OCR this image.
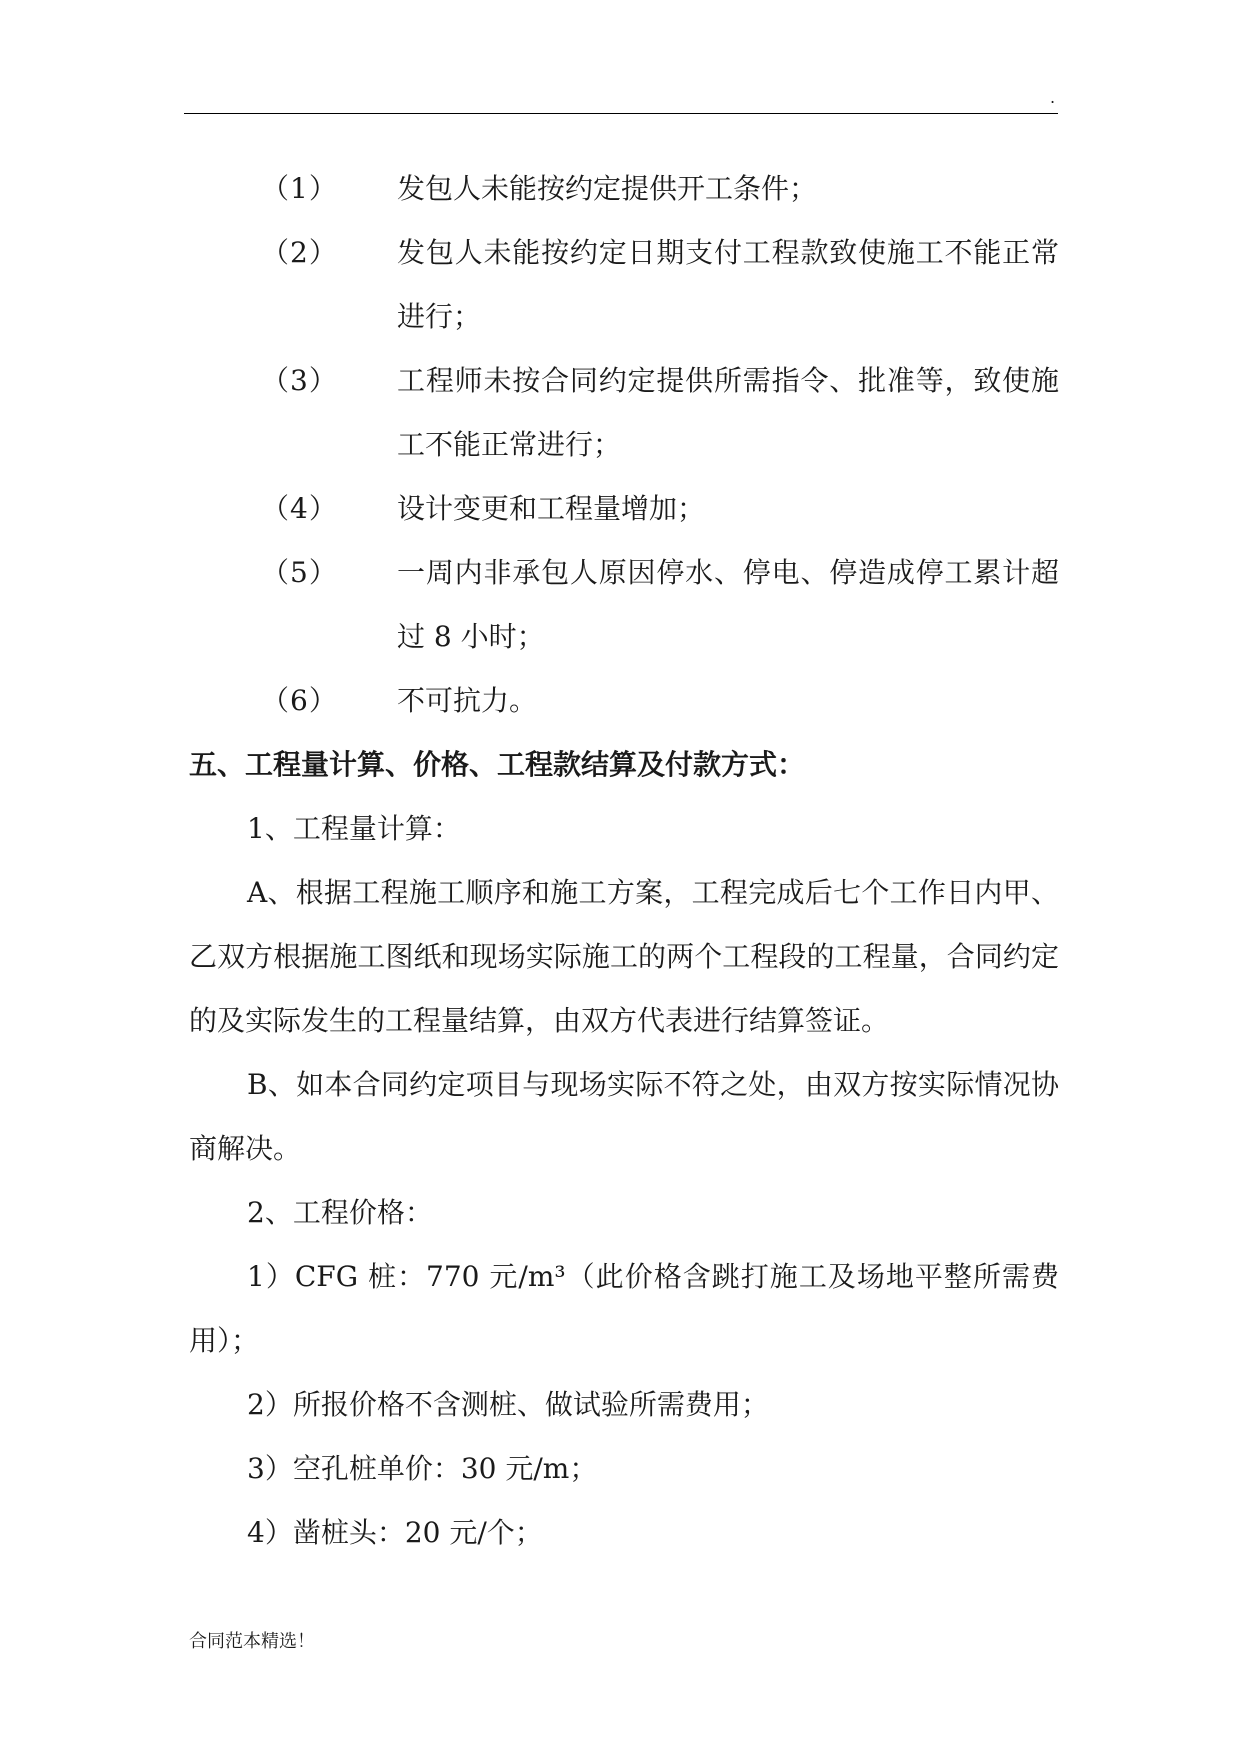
.
（1）	发包人未能按约定提供开工条件；
（2）	发包人未能按约定日期支付工程款致使施工不能正常进行；
（3）	工程师未按合同约定提供所需指令、批准等，致使施工不能正常进行；
（4）	设计变更和工程量增加；
（5）	一周内非承包人原因停水、停电、停造成停工累计超过 8 小时；
（6）	不可抗力。
五、工程量计算、价格、工程款结算及付款方式：
1、工程量计算：
A、根据工程施工顺序和施工方案，工程完成后七个工作日内甲、乙双方根据施工图纸和现场实际施工的两个工程段的工程量，合同约定的及实际发生的工程量结算，由双方代表进行结算签证。
B、如本合同约定项目与现场实际不符之处，由双方按实际情况协商解决。
2、工程价格：
1）CFG 桩：770 元/m³（此价格含跳打施工及场地平整所需费用）；
2）所报价格不含测桩、做试验所需费用；
3）空孔桩单价：30 元/m；
4）凿桩头：20 元/个；
合同范本精选！
